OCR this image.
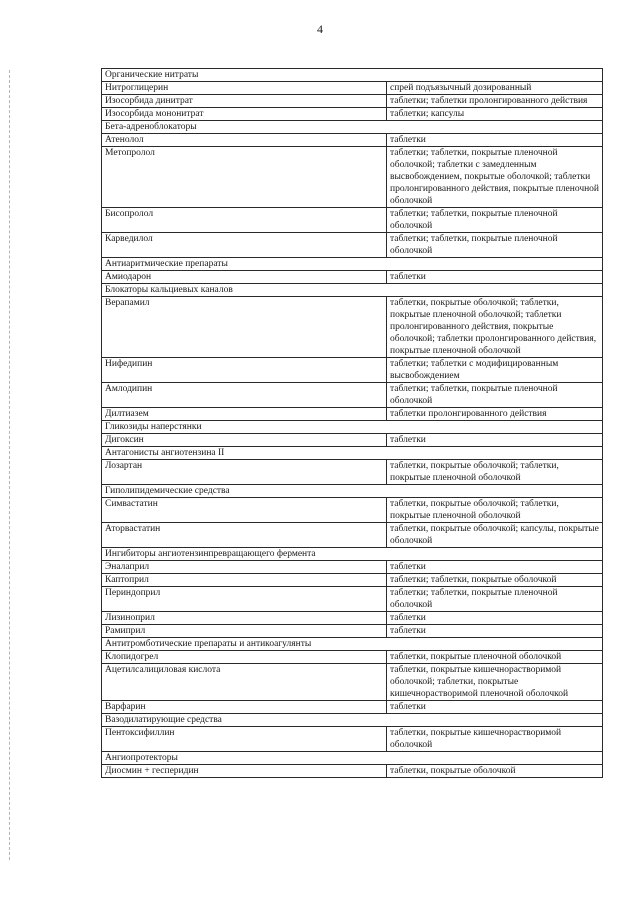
4
Органические нитраты	
Нитроглицерин	спрей подъязычный дозированный
Изосорбида динитрат	таблетки; таблетки пролонгированного действия
Изосорбида мононитрат	таблетки; капсулы
Бета-адреноблокаторы	
Атенолол	таблетки
Метопролол	таблетки; таблетки, покрытые пленочной оболочкой; таблетки с замедленным высвобождением, покрытые оболочкой; таблетки пролонгированного действия, покрытые пленочной оболочкой
Бисопролол	таблетки; таблетки, покрытые пленочной оболочкой
Карведилол	таблетки; таблетки, покрытые пленочной оболочкой
Антиаритмические препараты	
Амиодарон	таблетки
Блокаторы кальциевых каналов	
Верапамил	таблетки, покрытые оболочкой; таблетки, покрытые пленочной оболочкой; таблетки пролонгированного действия, покрытые оболочкой; таблетки пролонгированного действия, покрытые пленочной оболочкой
Нифедипин	таблетки; таблетки с модифицированным высвобождением
Амлодипин	таблетки; таблетки, покрытые пленочной оболочкой
Дилтиазем	таблетки пролонгированного действия
Гликозиды наперстянки	
Дигоксин	таблетки
Антагонисты ангиотензина II	
Лозартан	таблетки, покрытые оболочкой; таблетки, покрытые пленочной оболочкой
Гиполипидемические средства	
Симвастатин	таблетки, покрытые оболочкой; таблетки, покрытые пленочной оболочкой
Аторвастатин	таблетки, покрытые оболочкой; капсулы, покрытые оболочкой
Ингибиторы ангиотензинпревращающего фермента	
Эналаприл	таблетки
Каптоприл	таблетки; таблетки, покрытые оболочкой
Периндоприл	таблетки; таблетки, покрытые пленочной оболочкой
Лизиноприл	таблетки
Рамиприл	таблетки
Антитромботические препараты и антикоагулянты	
Клопидогрел	таблетки, покрытые пленочной оболочкой
Ацетилсалициловая кислота	таблетки, покрытые кишечнорастворимой оболочкой; таблетки, покрытые кишечнорастворимой пленочной оболочкой
Варфарин	таблетки
Вазодилатирующие средства	
Пентоксифиллин	таблетки, покрытые кишечнорастворимой оболочкой
Ангиопротекторы	
Диосмин + гесперидин	таблетки, покрытые оболочкой
